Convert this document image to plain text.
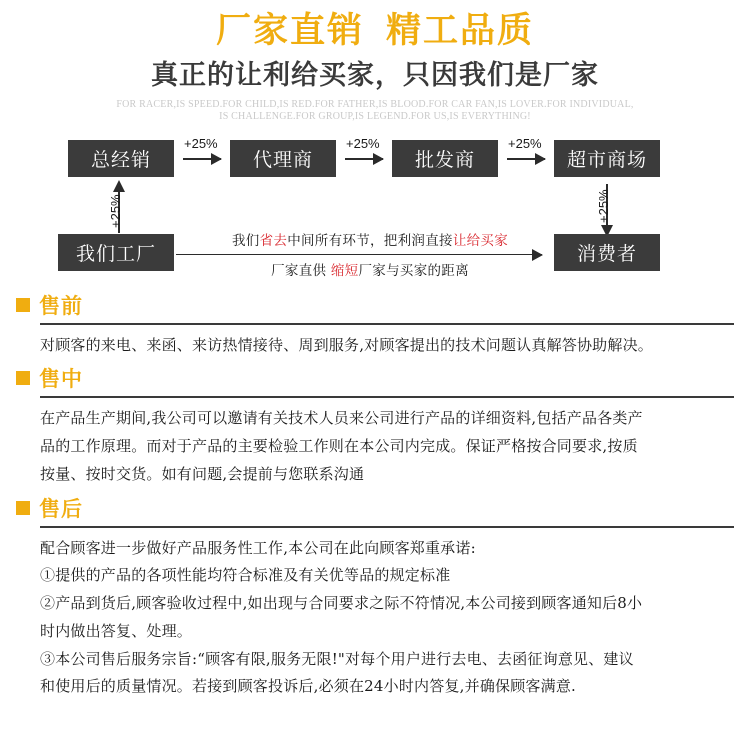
厂家直销 精工品质
真正的让利给买家，只因我们是厂家
FOR RACER,IS SPEED.FOR CHILD,IS RED.FOR FATHER,IS BLOOD.FOR CAR FAN,IS LOVER.FOR INDIVIDUAL,
IS CHALLENGE.FOR GROUP,IS LEGEND.FOR US,IS EVERYTHING!
总经销	代理商	批发商	超市商场
+25%	+25%	+25%
+25%	+25%
我们工厂	消费者
我们省去中间所有环节，把利润直接让给买家
厂家直供 缩短厂家与买家的距离
售前

对顾客的来电、来函、来访热情接待、周到服务,对顾客提出的技术问题认真解答协助解决。

售中

在产品生产期间,我公司可以邀请有关技术人员来公司进行产品的详细资料,包括产品各类产

品的工作原理。而对于产品的主要检验工作则在本公司内完成。保证严格按合同要求,按质

按量、按时交货。如有问题,会提前与您联系沟通

售后

配合顾客进一步做好产品服务性工作,本公司在此向顾客郑重承诺:

①提供的产品的各项性能均符合标准及有关优等品的规定标准

②产品到货后,顾客验收过程中,如出现与合同要求之际不符情况,本公司接到顾客通知后8小

时内做出答复、处理。

③本公司售后服务宗旨:“顾客有限,服务无限!"对每个用户进行去电、去函征询意见、建议

和使用后的质量情况。若接到顾客投诉后,必须在24小时内答复,并确保顾客满意.
